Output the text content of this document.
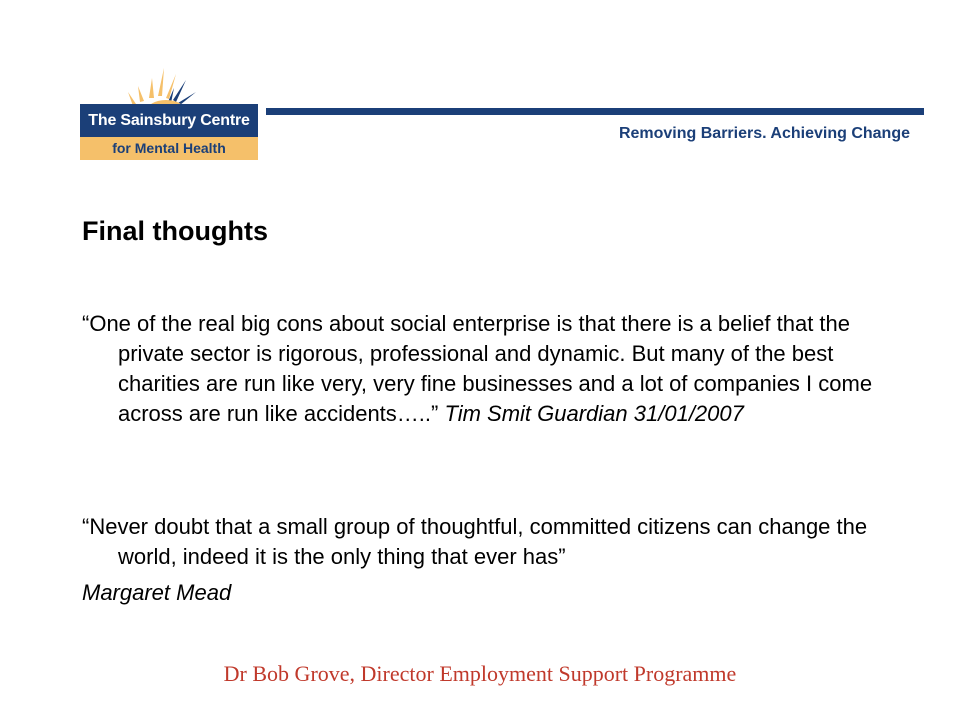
The Sainsbury Centre
for Mental Health
Removing Barriers. Achieving Change
Final thoughts
“One of the real big cons about social enterprise is that there is a belief that the private sector is rigorous, professional and dynamic. But many of the best charities are run like very, very fine businesses and a lot of companies I come across are run like accidents…..” Tim Smit Guardian 31/01/2007
“Never doubt that a small group of thoughtful, committed citizens can change the world, indeed it is the only thing that ever has”
Margaret Mead
Dr Bob Grove, Director Employment Support Programme
